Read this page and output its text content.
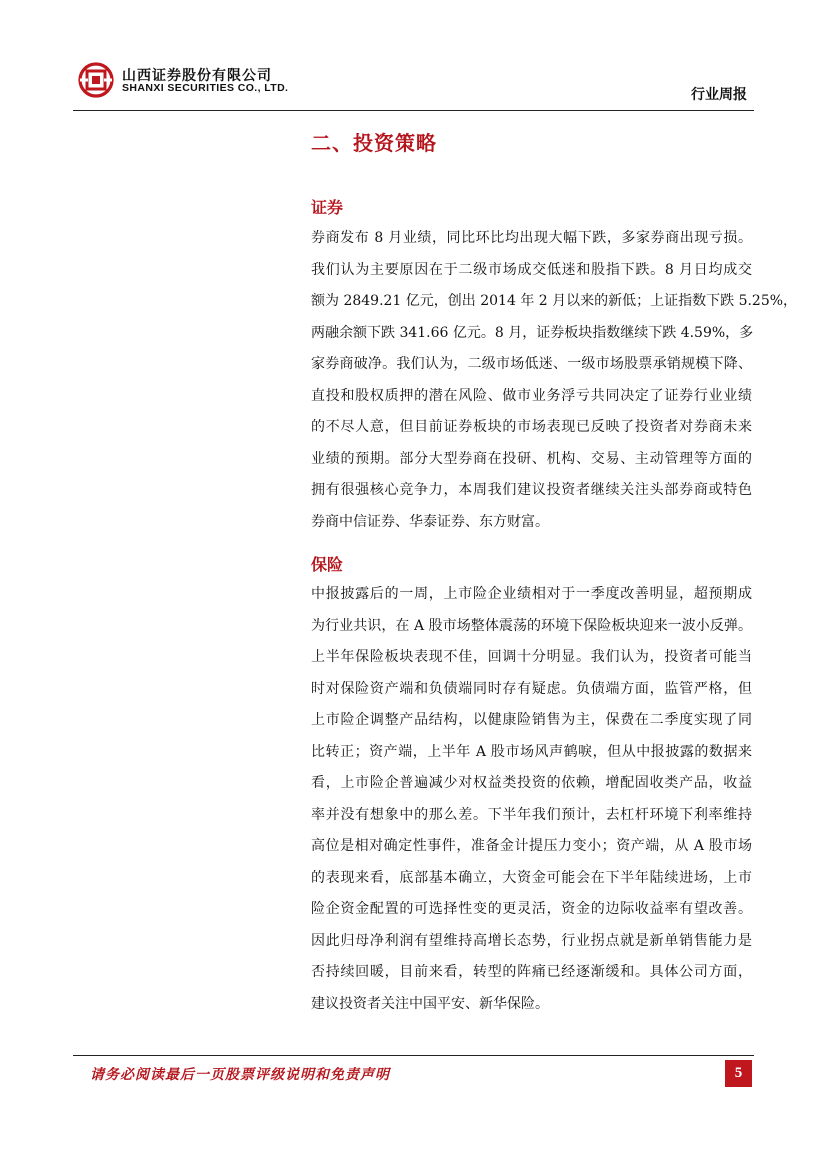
山西证券股份有限公司
SHANXI SECURITIES CO., LTD.	行业周报
二、投资策略
证券
券商发布 8 月业绩，同比环比均出现大幅下跌，多家券商出现亏损。
我们认为主要原因在于二级市场成交低迷和股指下跌。8 月日均成交
额为 2849.21 亿元，创出 2014 年 2 月以来的新低；上证指数下跌 5.25%，
两融余额下跌 341.66 亿元。8 月，证券板块指数继续下跌 4.59%，多
家券商破净。我们认为，二级市场低迷、一级市场股票承销规模下降、
直投和股权质押的潜在风险、做市业务浮亏共同决定了证券行业业绩
的不尽人意，但目前证券板块的市场表现已反映了投资者对券商未来
业绩的预期。部分大型券商在投研、机构、交易、主动管理等方面的
拥有很强核心竞争力，本周我们建议投资者继续关注头部券商或特色
券商中信证券、华泰证券、东方财富。
保险
中报披露后的一周，上市险企业绩相对于一季度改善明显，超预期成
为行业共识，在 A 股市场整体震荡的环境下保险板块迎来一波小反弹。
上半年保险板块表现不佳，回调十分明显。我们认为，投资者可能当
时对保险资产端和负债端同时存有疑虑。负债端方面，监管严格，但
上市险企调整产品结构，以健康险销售为主，保费在二季度实现了同
比转正；资产端，上半年 A 股市场风声鹤唳，但从中报披露的数据来
看，上市险企普遍减少对权益类投资的依赖，增配固收类产品，收益
率并没有想象中的那么差。下半年我们预计，去杠杆环境下利率维持
高位是相对确定性事件，准备金计提压力变小；资产端，从 A 股市场
的表现来看，底部基本确立，大资金可能会在下半年陆续进场，上市
险企资金配置的可选择性变的更灵活，资金的边际收益率有望改善。
因此归母净利润有望维持高增长态势，行业拐点就是新单销售能力是
否持续回暖，目前来看，转型的阵痛已经逐渐缓和。具体公司方面，
建议投资者关注中国平安、新华保险。
请务必阅读最后一页股票评级说明和免责声明	5
